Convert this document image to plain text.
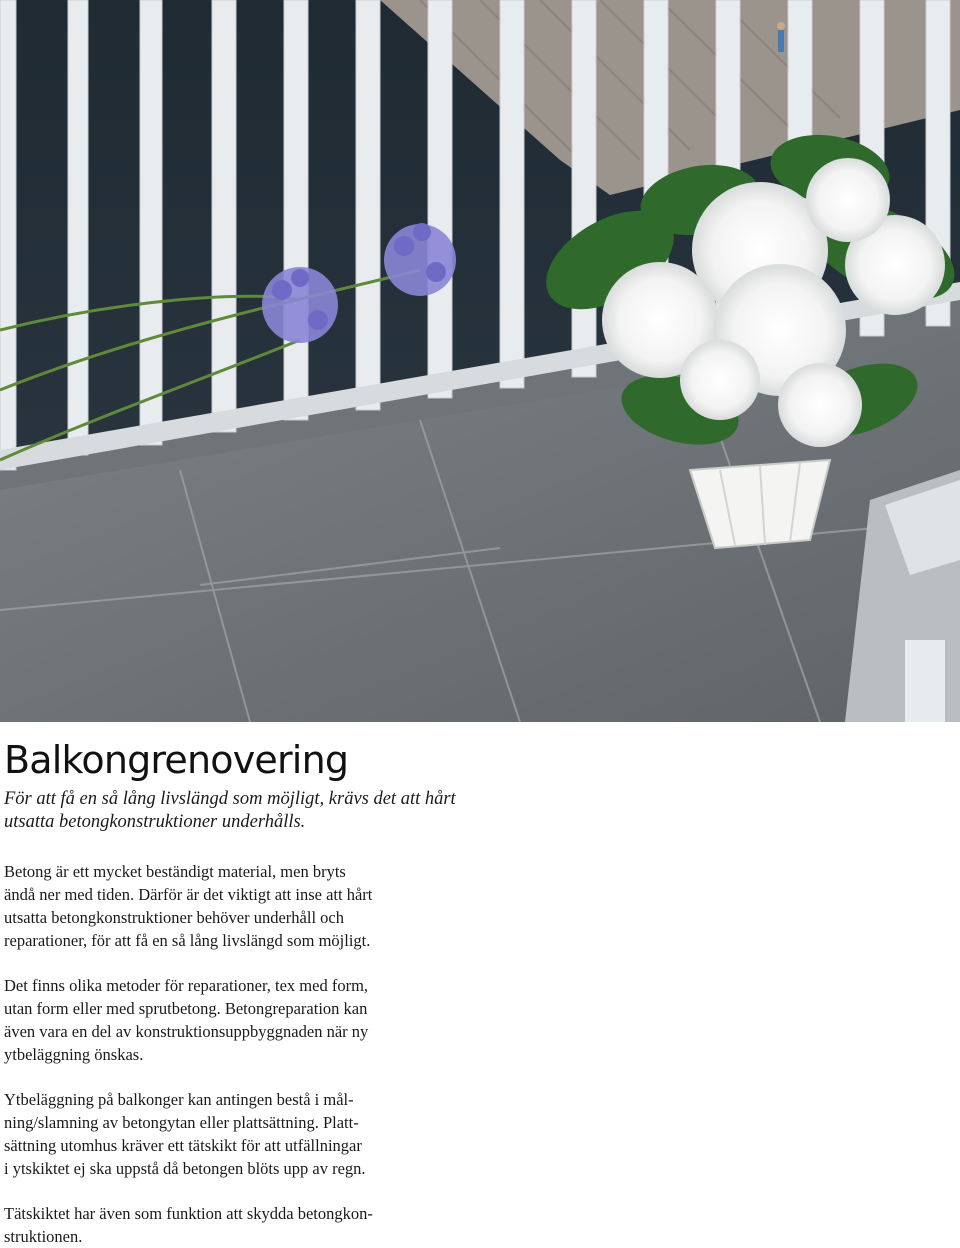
Balkongrenovering

För att få en så lång livslängd som möjligt, krävs det att hårt
utsatta betongkonstruktioner underhålls.

Betong är ett mycket beständigt material, men bryts
ändå ner med tiden. Därför är det viktigt att inse att hårt
utsatta betongkonstruktioner behöver underhåll och
reparationer, för att få en så lång livslängd som möjligt.

Det finns olika metoder för reparationer, tex med form,
utan form eller med sprutbetong. Betongreparation kan
även vara en del av konstruktionsuppbyggnaden när ny
ytbeläggning önskas.

Ytbeläggning på balkonger kan antingen bestå i mål-
ning/slamning av betongytan eller plattsättning. Platt-
sättning utomhus kräver ett tätskikt för att utfällningar
i ytskiktet ej ska uppstå då betongen blöts upp av regn.

Tätskiktet har även som funktion att skydda betongkon-
struktionen.
